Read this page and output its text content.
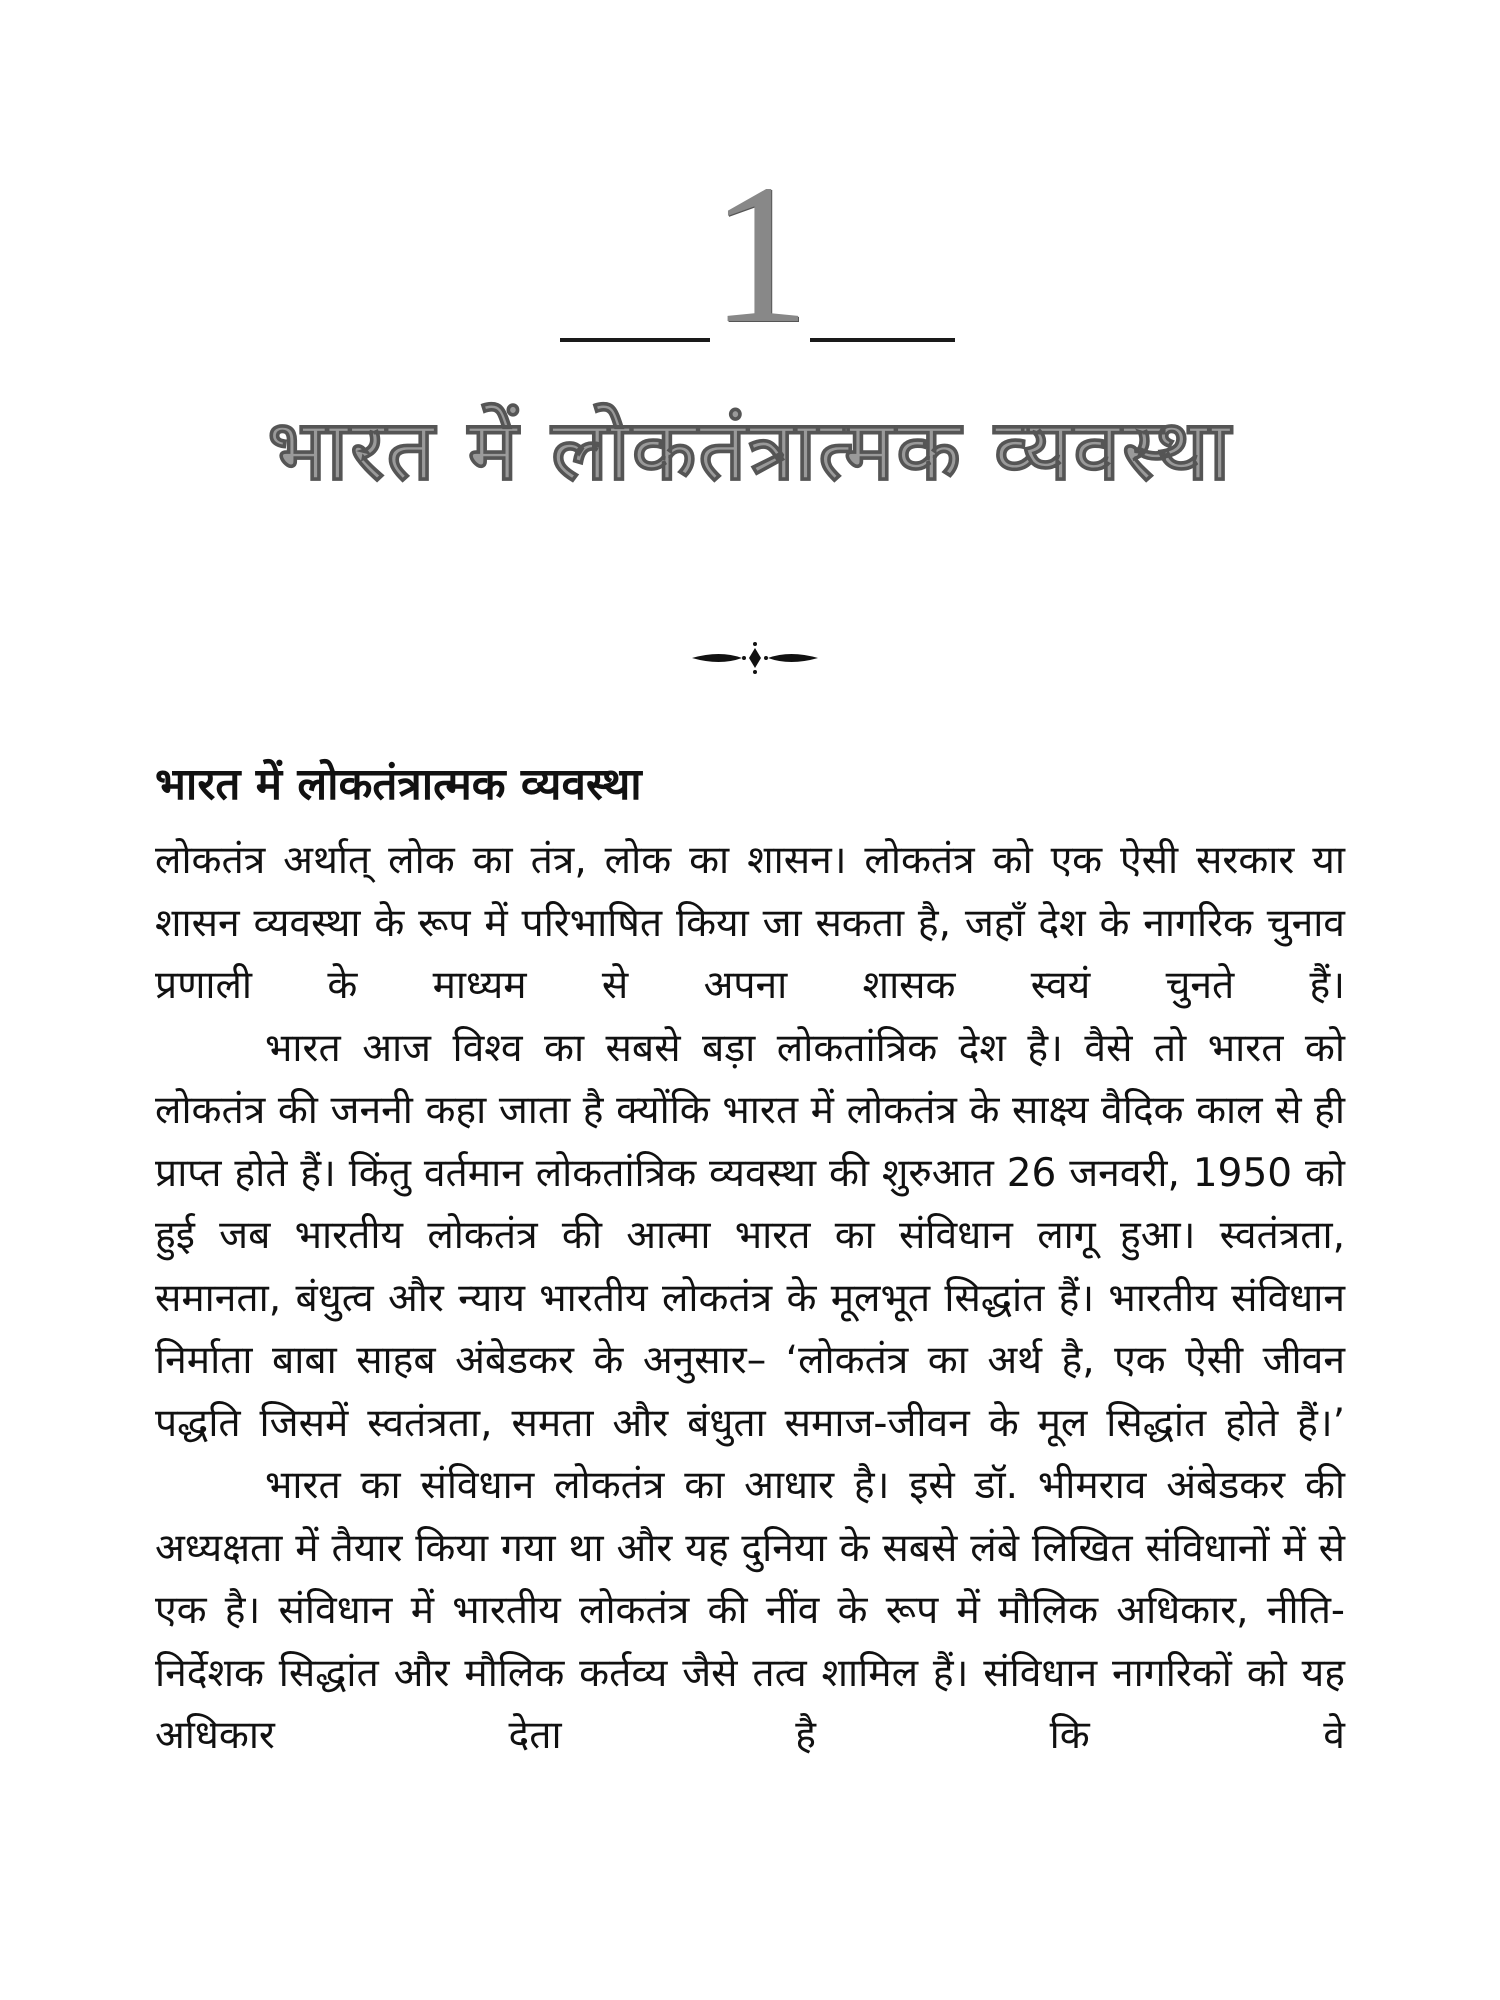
1
भारत में लोकतंत्रात्मक व्यवस्था
भारत में लोकतंत्रात्मक व्यवस्था

लोकतंत्र अर्थात् लोक का तंत्र, लोक का शासन। लोकतंत्र को एक ऐसी सरकार या शासन व्यवस्था के रूप में परिभाषित किया जा सकता है, जहाँ देश के नागरिक चुनाव प्रणाली के माध्यम से अपना शासक स्वयं चुनते हैं।

भारत आज विश्व का सबसे बड़ा लोकतांत्रिक देश है। वैसे तो भारत को लोकतंत्र की जननी कहा जाता है क्योंकि भारत में लोकतंत्र के साक्ष्य वैदिक काल से ही प्राप्त होते हैं। किंतु वर्तमान लोकतांत्रिक व्यवस्था की शुरुआत 26 जनवरी, 1950 को हुई जब भारतीय लोकतंत्र की आत्मा भारत का संविधान लागू हुआ। स्वतंत्रता, समानता, बंधुत्व और न्याय भारतीय लोकतंत्र के मूलभूत सिद्धांत हैं। भारतीय संविधान निर्माता बाबा साहब अंबेडकर के अनुसार– ‘लोकतंत्र का अर्थ है, एक ऐसी जीवन पद्धति जिसमें स्वतंत्रता, समता और बंधुता समाज-जीवन के मूल सिद्धांत होते हैं।’

भारत का संविधान लोकतंत्र का आधार है। इसे डॉ. भीमराव अंबेडकर की अध्यक्षता में तैयार किया गया था और यह दुनिया के सबसे लंबे लिखित संविधानों में से एक है। संविधान में भारतीय लोकतंत्र की नींव के रूप में मौलिक अधिकार, नीति-निर्देशक सिद्धांत और मौलिक कर्तव्य जैसे तत्व शामिल हैं। संविधान नागरिकों को यह अधिकार देता है कि वे
